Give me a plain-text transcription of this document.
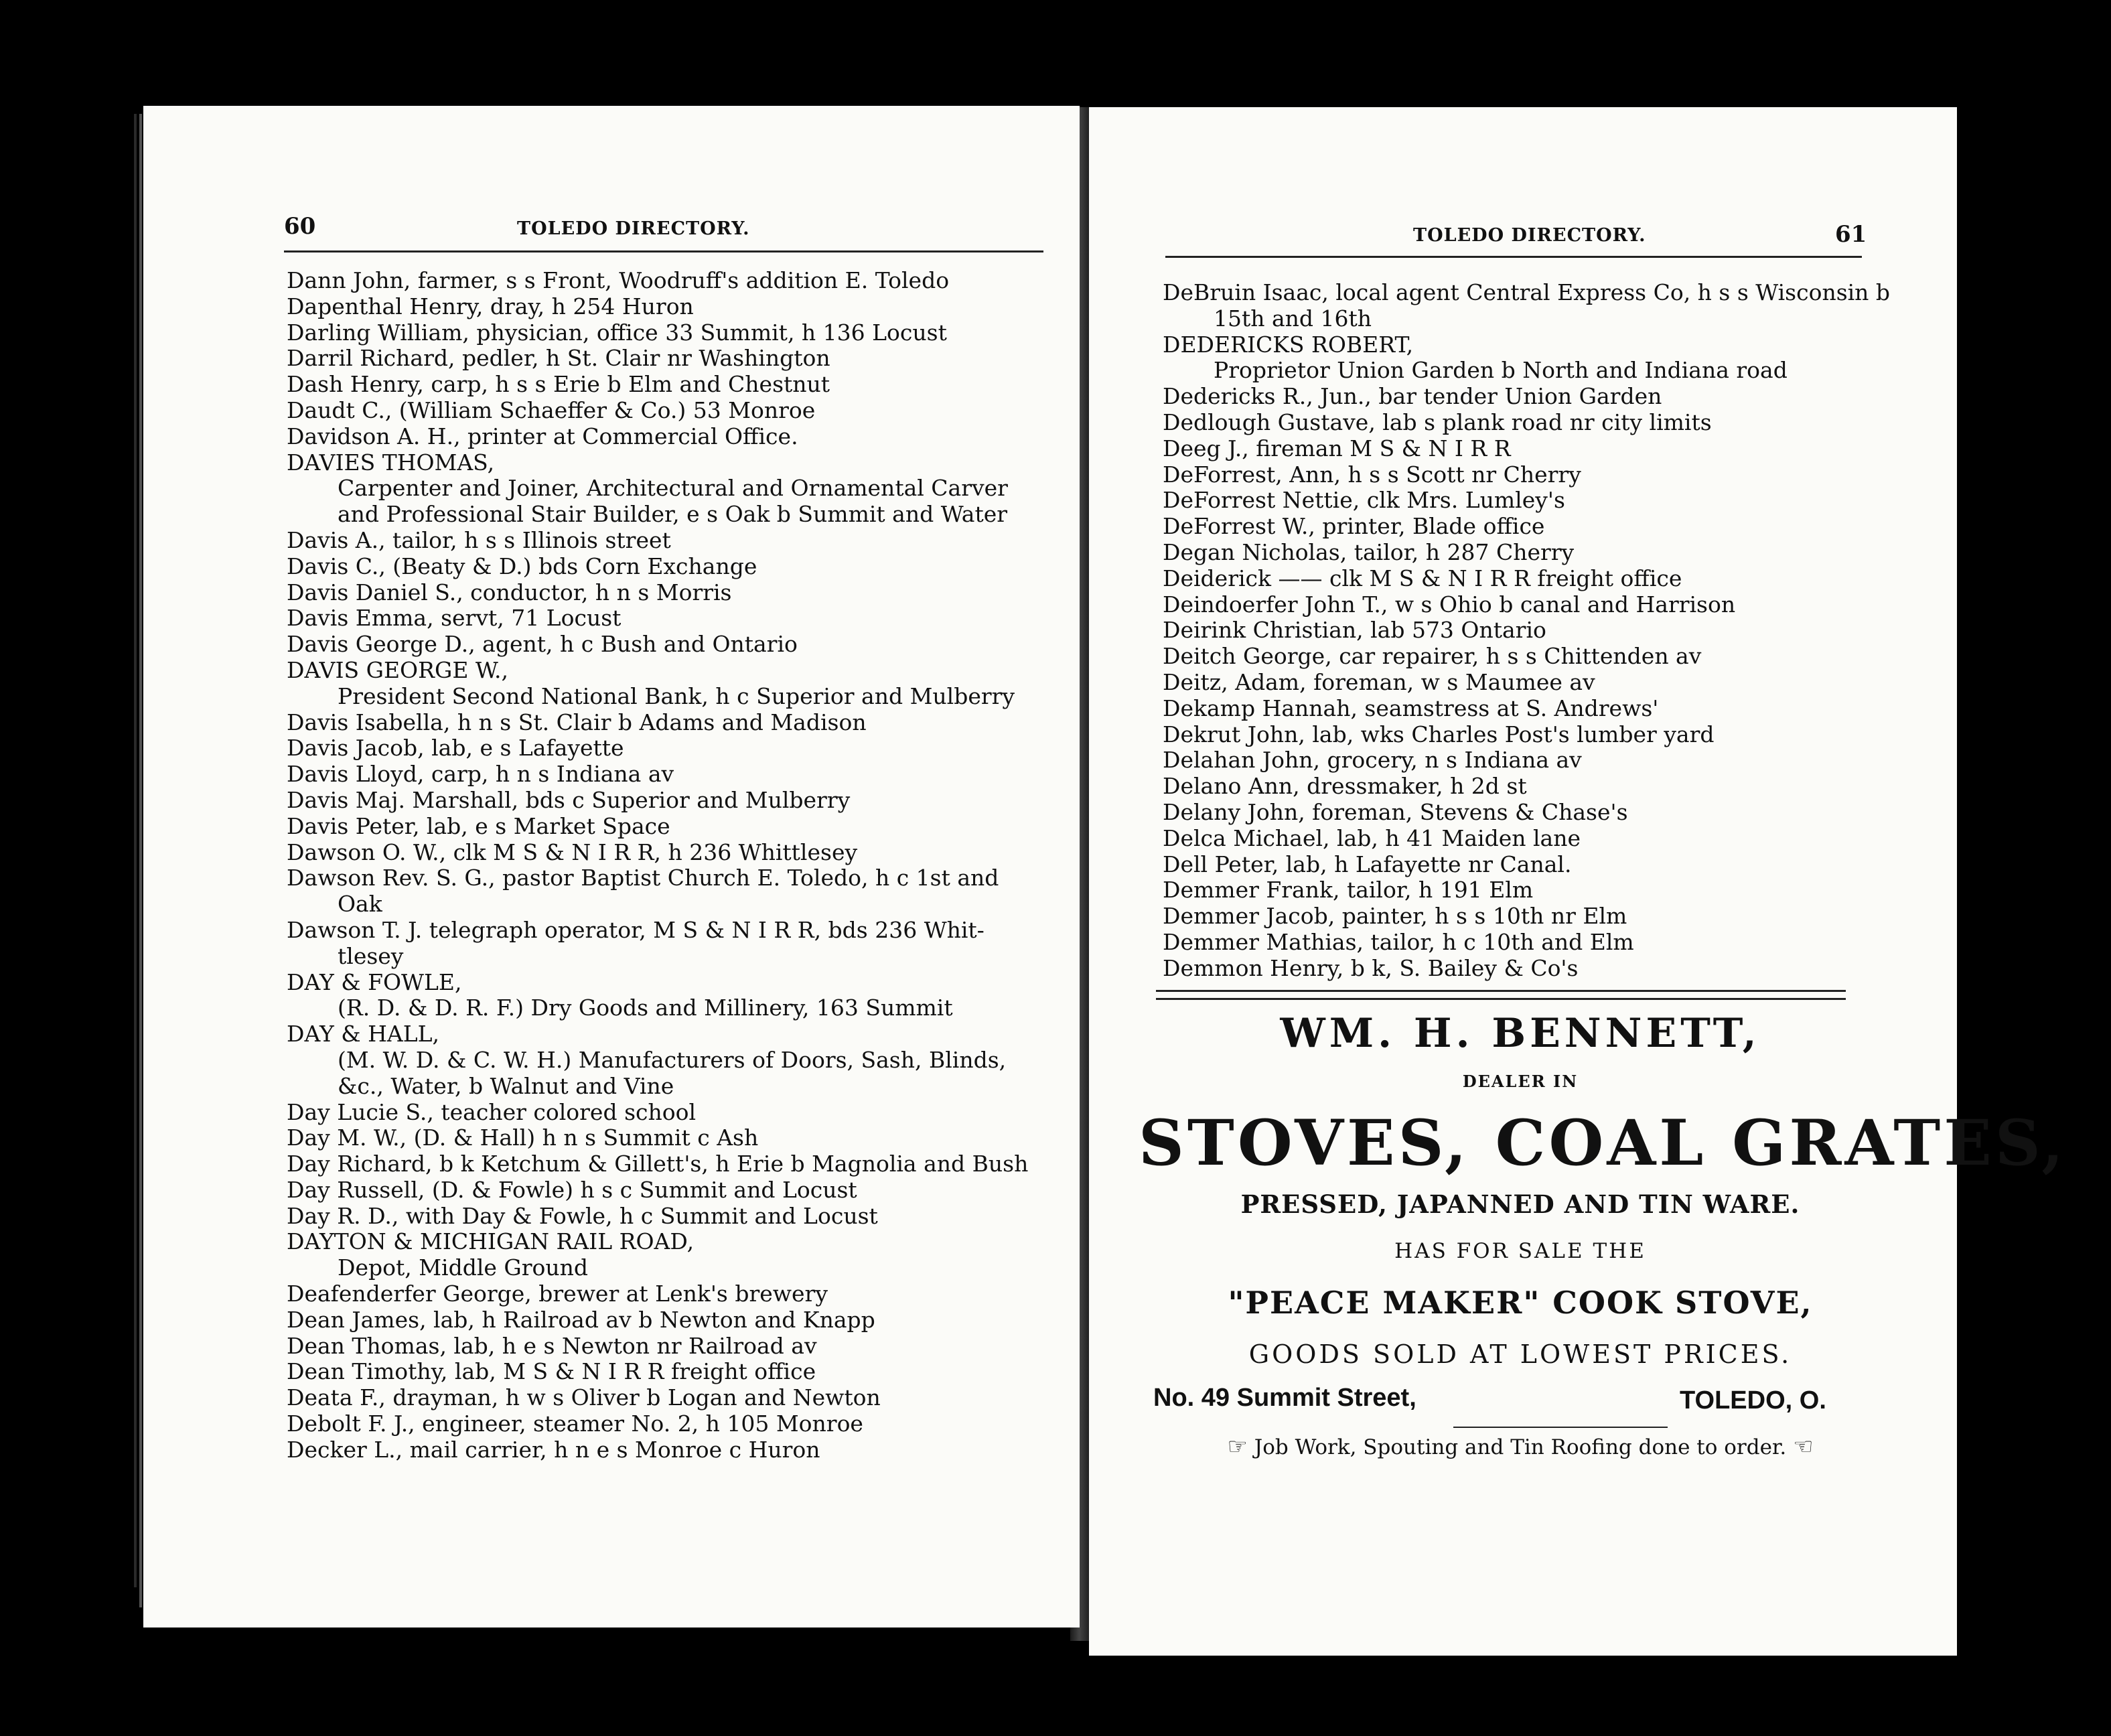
60	TOLEDO DIRECTORY.
Dann John, farmer, s s Front, Woodruff's addition E. Toledo
Dapenthal Henry, dray, h 254 Huron
Darling William, physician, office 33 Summit, h 136 Locust
Darril Richard, pedler, h St. Clair nr Washington
Dash Henry, carp, h s s Erie b Elm and Chestnut
Daudt C., (William Schaeffer & Co.) 53 Monroe
Davidson A. H., printer at Commercial Office.
DAVIES THOMAS,
Carpenter and Joiner, Architectural and Ornamental Carver
and Professional Stair Builder, e s Oak b Summit and Water
Davis A., tailor, h s s Illinois street
Davis C., (Beaty & D.) bds Corn Exchange
Davis Daniel S., conductor, h n s Morris
Davis Emma, servt, 71 Locust
Davis George D., agent, h c Bush and Ontario
DAVIS GEORGE W.,
President Second National Bank, h c Superior and Mulberry
Davis Isabella, h n s St. Clair b Adams and Madison
Davis Jacob, lab, e s Lafayette
Davis Lloyd, carp, h n s Indiana av
Davis Maj. Marshall, bds c Superior and Mulberry
Davis Peter, lab, e s Market Space
Dawson O. W., clk M S & N I R R, h 236 Whittlesey
Dawson Rev. S. G., pastor Baptist Church E. Toledo, h c 1st and
Oak
Dawson T. J. telegraph operator, M S & N I R R, bds 236 Whit-
tlesey
DAY & FOWLE,
(R. D. & D. R. F.) Dry Goods and Millinery, 163 Summit
DAY & HALL,
(M. W. D. & C. W. H.) Manufacturers of Doors, Sash, Blinds,
&c., Water, b Walnut and Vine
Day Lucie S., teacher colored school
Day M. W., (D. & Hall) h n s Summit c Ash
Day Richard, b k Ketchum & Gillett's, h Erie b Magnolia and Bush
Day Russell, (D. & Fowle) h s c Summit and Locust
Day R. D., with Day & Fowle, h c Summit and Locust
DAYTON & MICHIGAN RAIL ROAD,
Depot, Middle Ground
Deafenderfer George, brewer at Lenk's brewery
Dean James, lab, h Railroad av b Newton and Knapp
Dean Thomas, lab, h e s Newton nr Railroad av
Dean Timothy, lab, M S & N I R R freight office
Deata F., drayman, h w s Oliver b Logan and Newton
Debolt F. J., engineer, steamer No. 2, h 105 Monroe
Decker L., mail carrier, h n e s Monroe c Huron
TOLEDO DIRECTORY.	61
DeBruin Isaac, local agent Central Express Co, h s s Wisconsin b
15th and 16th
DEDERICKS ROBERT,
Proprietor Union Garden b North and Indiana road
Dedericks R., Jun., bar tender Union Garden
Dedlough Gustave, lab s plank road nr city limits
Deeg J., fireman M S & N I R R
DeForrest, Ann, h s s Scott nr Cherry
DeForrest Nettie, clk Mrs. Lumley's
DeForrest W., printer, Blade office
Degan Nicholas, tailor, h 287 Cherry
Deiderick —— clk M S & N I R R freight office
Deindoerfer John T., w s Ohio b canal and Harrison
Deirink Christian, lab 573 Ontario
Deitch George, car repairer, h s s Chittenden av
Deitz, Adam, foreman, w s Maumee av
Dekamp Hannah, seamstress at S. Andrews'
Dekrut John, lab, wks Charles Post's lumber yard
Delahan John, grocery, n s Indiana av
Delano Ann, dressmaker, h 2d st
Delany John, foreman, Stevens & Chase's
Delca Michael, lab, h 41 Maiden lane
Dell Peter, lab, h Lafayette nr Canal.
Demmer Frank, tailor, h 191 Elm
Demmer Jacob, painter, h s s 10th nr Elm
Demmer Mathias, tailor, h c 10th and Elm
Demmon Henry, b k, S. Bailey & Co's
WM. H. BENNETT,
DEALER IN
STOVES, COAL GRATES,
PRESSED, JAPANNED AND TIN WARE.
HAS FOR SALE THE
"PEACE MAKER" COOK STOVE,
GOODS SOLD AT LOWEST PRICES.
No. 49 Summit Street,	TOLEDO, O.
☞ Job Work, Spouting and Tin Roofing done to order. ☜
